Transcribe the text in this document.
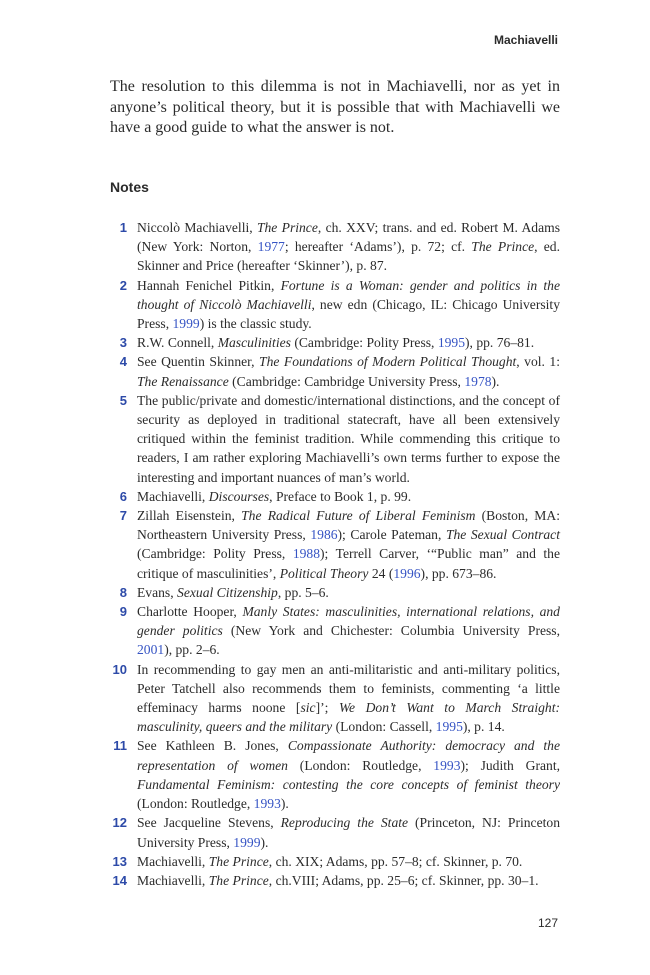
Machiavelli

The resolution to this dilemma is not in Machiavelli, nor as yet in anyone’s political theory, but it is possible that with Machiavelli we have a good guide to what the answer is not.

Notes
1 Niccolò Machiavelli, The Prince, ch. XXV; trans. and ed. Robert M. Adams (New York: Norton, 1977; hereafter ‘Adams’), p. 72; cf. The Prince, ed. Skinner and Price (hereafter ‘Skinner’), p. 87.
2 Hannah Fenichel Pitkin, Fortune is a Woman: gender and politics in the thought of Niccolò Machiavelli, new edn (Chicago, IL: Chicago University Press, 1999) is the classic study.
3 R.W. Connell, Masculinities (Cambridge: Polity Press, 1995), pp. 76–81.
4 See Quentin Skinner, The Foundations of Modern Political Thought, vol. 1: The Renaissance (Cambridge: Cambridge University Press, 1978).
5 The public/private and domestic/international distinctions, and the concept of security as deployed in traditional statecraft, have all been extensively critiqued within the feminist tradition. While commending this critique to readers, I am rather exploring Machiavelli’s own terms further to expose the interesting and important nuances of man’s world.
6 Machiavelli, Discourses, Preface to Book 1, p. 99.
7 Zillah Eisenstein, The Radical Future of Liberal Feminism (Boston, MA: Northeastern University Press, 1986); Carole Pateman, The Sexual Contract (Cambridge: Polity Press, 1988); Terrell Carver, ‘“Public man” and the critique of masculinities’, Political Theory 24 (1996), pp. 673–86.
8 Evans, Sexual Citizenship, pp. 5–6.
9 Charlotte Hooper, Manly States: masculinities, international relations, and gender politics (New York and Chichester: Columbia University Press, 2001), pp. 2–6.
10 In recommending to gay men an anti-militaristic and anti-military politics, Peter Tatchell also recommends them to feminists, commenting ‘a little effeminacy harms noone [sic]’; We Don’t Want to March Straight: masculinity, queers and the military (London: Cassell, 1995), p. 14.
11 See Kathleen B. Jones, Compassionate Authority: democracy and the representation of women (London: Routledge, 1993); Judith Grant, Fundamental Feminism: contesting the core concepts of feminist theory (London: Routledge, 1993).
12 See Jacqueline Stevens, Reproducing the State (Princeton, NJ: Princeton University Press, 1999).
13 Machiavelli, The Prince, ch. XIX; Adams, pp. 57–8; cf. Skinner, p. 70.
14 Machiavelli, The Prince, ch.VIII; Adams, pp. 25–6; cf. Skinner, pp. 30–1.
127
